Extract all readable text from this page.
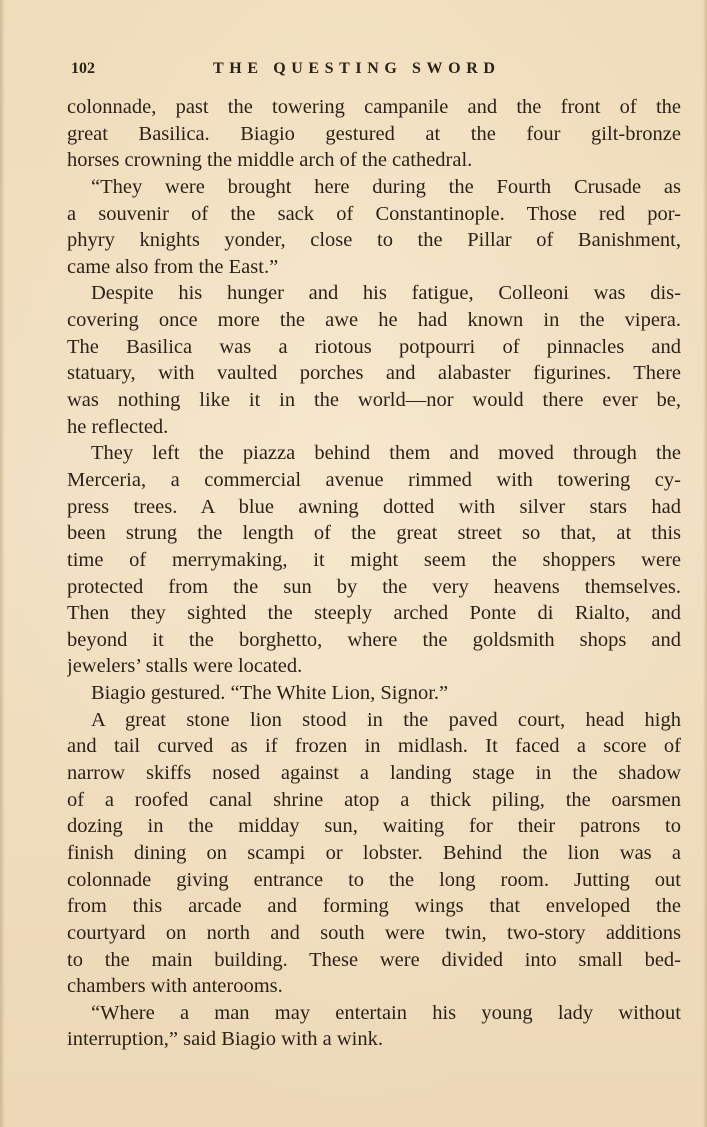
102	THE QUESTING SWORD
colonnade, past the towering campanile and the front of the
great Basilica. Biagio gestured at the four gilt-bronze
horses crowning the middle arch of the cathedral.
“They were brought here during the Fourth Crusade as
a souvenir of the sack of Constantinople. Those red por-
phyry knights yonder, close to the Pillar of Banishment,
came also from the East.”
Despite his hunger and his fatigue, Colleoni was dis-
covering once more the awe he had known in the vipera.
The Basilica was a riotous potpourri of pinnacles and
statuary, with vaulted porches and alabaster figurines. There
was nothing like it in the world—nor would there ever be,
he reflected.
They left the piazza behind them and moved through the
Merceria, a commercial avenue rimmed with towering cy-
press trees. A blue awning dotted with silver stars had
been strung the length of the great street so that, at this
time of merrymaking, it might seem the shoppers were
protected from the sun by the very heavens themselves.
Then they sighted the steeply arched Ponte di Rialto, and
beyond it the borghetto, where the goldsmith shops and
jewelers’ stalls were located.
Biagio gestured. “The White Lion, Signor.”
A great stone lion stood in the paved court, head high
and tail curved as if frozen in midlash. It faced a score of
narrow skiffs nosed against a landing stage in the shadow
of a roofed canal shrine atop a thick piling, the oarsmen
dozing in the midday sun, waiting for their patrons to
finish dining on scampi or lobster. Behind the lion was a
colonnade giving entrance to the long room. Jutting out
from this arcade and forming wings that enveloped the
courtyard on north and south were twin, two-story additions
to the main building. These were divided into small bed-
chambers with anterooms.
“Where a man may entertain his young lady without
interruption,” said Biagio with a wink.
